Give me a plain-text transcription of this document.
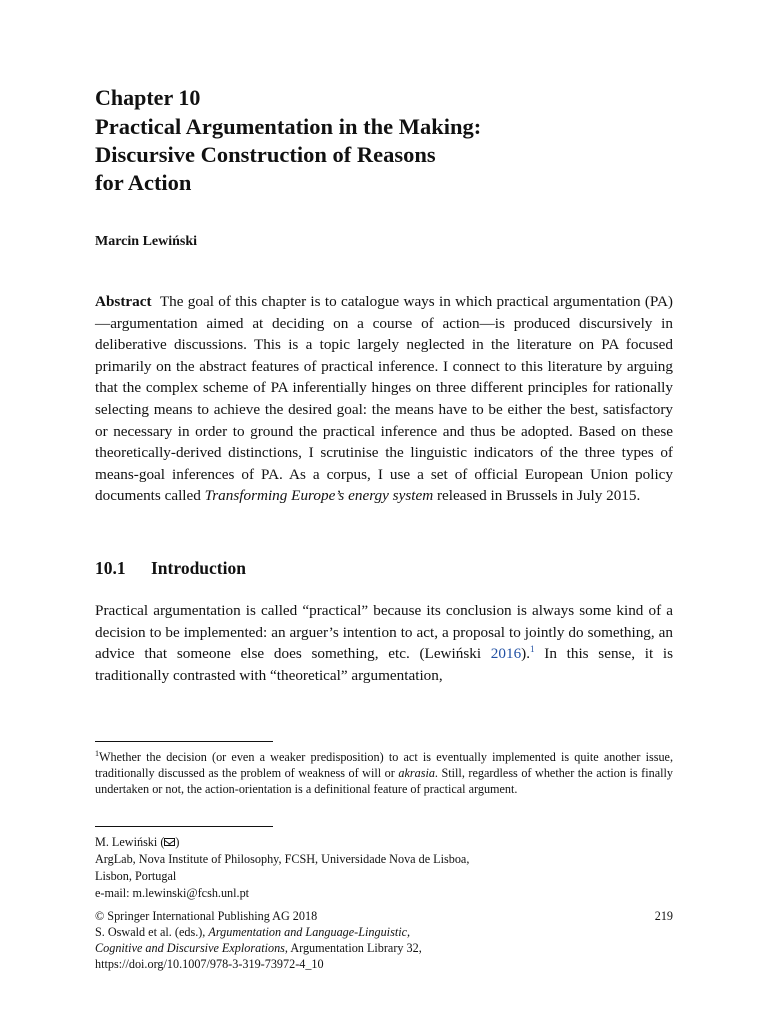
Chapter 10
Practical Argumentation in the Making:
Discursive Construction of Reasons
for Action
Marcin Lewiński
Abstract The goal of this chapter is to catalogue ways in which practical argumentation (PA)—argumentation aimed at deciding on a course of action—is produced discursively in deliberative discussions. This is a topic largely neglected in the literature on PA focused primarily on the abstract features of practical inference. I connect to this literature by arguing that the complex scheme of PA inferentially hinges on three different principles for rationally selecting means to achieve the desired goal: the means have to be either the best, satisfactory or necessary in order to ground the practical inference and thus be adopted. Based on these theoretically-derived distinctions, I scrutinise the linguistic indicators of the three types of means-goal inferences of PA. As a corpus, I use a set of official European Union policy documents called Transforming Europe’s energy system released in Brussels in July 2015.
10.1 Introduction
Practical argumentation is called “practical” because its conclusion is always some kind of a decision to be implemented: an arguer’s intention to act, a proposal to jointly do something, an advice that someone else does something, etc. (Lewiński 2016).$^1$ In this sense, it is traditionally contrasted with “theoretical” argumentation,
$^1$Whether the decision (or even a weaker predisposition) to act is eventually implemented is quite another issue, traditionally discussed as the problem of weakness of will or akrasia. Still, regardless of whether the action is finally undertaken or not, the action-orientation is a definitional feature of practical argument.
M. Lewiński ( )
ArgLab, Nova Institute of Philosophy, FCSH, Universidade Nova de Lisboa,
Lisbon, Portugal
e-mail: m.lewinski@fcsh.unl.pt
© Springer International Publishing AG 2018
S. Oswald et al. (eds.), Argumentation and Language-Linguistic,
Cognitive and Discursive Explorations, Argumentation Library 32,
https://doi.org/10.1007/978-3-319-73972-4_10
219
